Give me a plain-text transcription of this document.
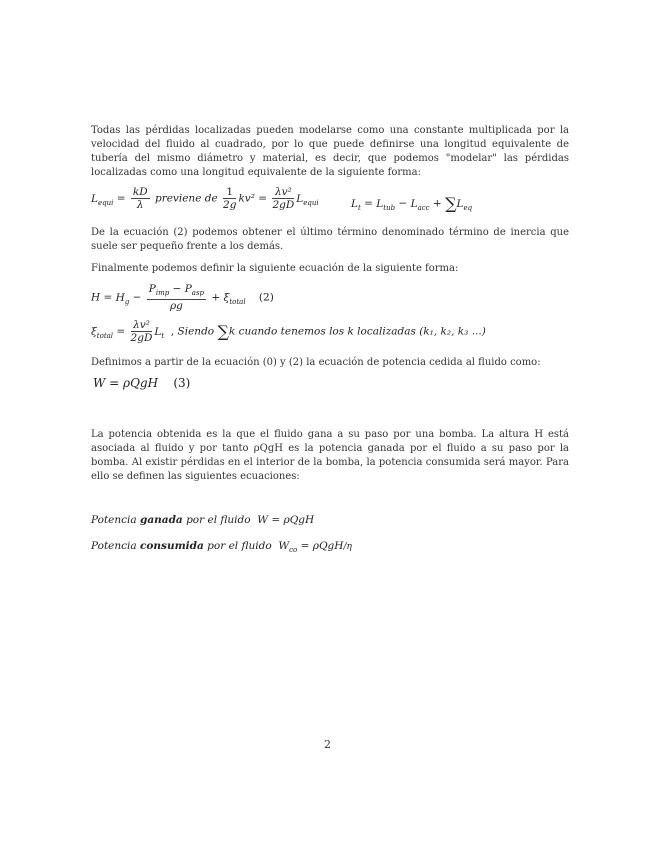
Todas las pérdidas localizadas pueden modelarse como una constante multiplicada por la velocidad del fluido al cuadrado, por lo que puede definirse una longitud equivalente de tubería del mismo diámetro y material, es decir, que podemos "modelar" las pérdidas localizadas como una longitud equivalente de la siguiente forma:
$L_{equi} = \frac{kD}{\lambda}$ previene de $\frac{1}{2g} kv^2 = \frac{\text{λv²}}{2gD} L_{equi}$	$L_t = L_{tub} - L_{acc} + \sum L_{eq}$
De la ecuación (2) podemos obtener el último término denominado término de inercia que suele ser pequeño frente a los demás.
Finalmente podemos definir la siguiente ecuación de la siguiente forma:
$H = H_g - \frac{P_{imp} - P_{asp}}{\rho g} + \xi_{total}$    (2)
$\xi_{total} = \frac{\text{λv²}}{2gD} L_t$  , Siendo ∑k cuando tenemos los k localizadas (k₁, k₂, k₃ ...)
Definimos a partir de la ecuación (0) y (2) la ecuación de potencia cedida al fluido como:
W = ρQgH    (3)
La potencia obtenida es la que el fluido gana a su paso por una bomba. La altura H está asociada al fluido y por tanto ρQgH es la potencia ganada por el fluido a su paso por la bomba. Al existir pérdidas en el interior de la bomba, la potencia consumida será mayor. Para ello se definen las siguientes ecuaciones:
Potencia ganada por el fluido W = ρQgH
Potencia consumida por el fluido $W_{co} = \rho QgH/\eta$
2
